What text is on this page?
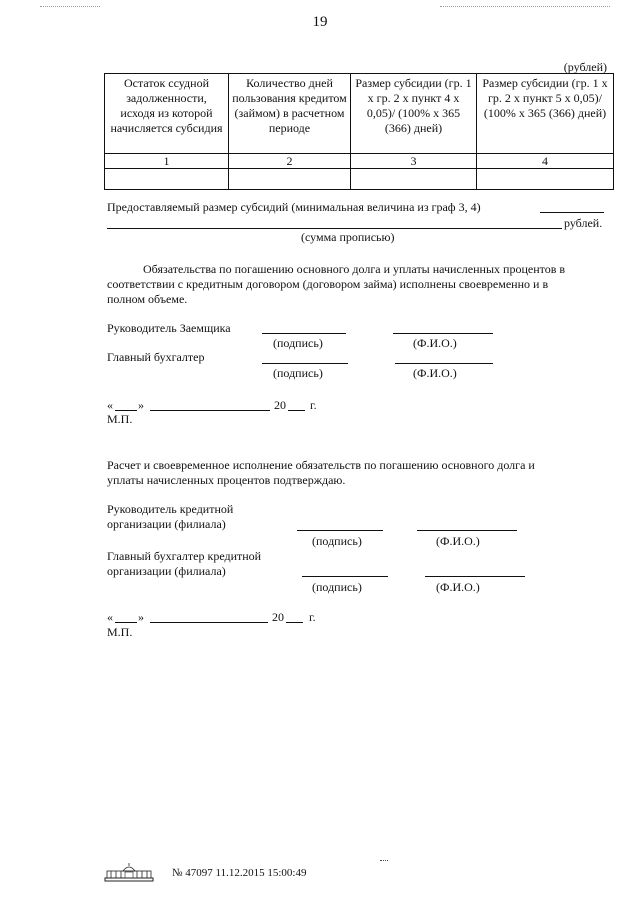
19
(рублей)
Остаток ссудной задолженности, исходя из которой начисляется субсидия	Количество дней пользования кредитом (займом) в расчетном периоде	Размер субсидии (гр. 1 х гр. 2 х пункт 4 х 0,05)/ (100% х 365 (366) дней)	Размер субсидии (гр. 1 х гр. 2 х пункт 5 х 0,05)/ (100% х 365 (366) дней)
1	2	3	4

Предоставляемый размер субсидий (минимальная величина из граф 3, 4)
рублей.
(сумма прописью)
Обязательства по погашению основного долга и уплаты начисленных процентов в
соответствии с кредитным договором (договором займа) исполнены своевременно и в
полном объеме.
Руководитель Заемщика
(подпись)	(Ф.И.О.)
Главный бухгалтер
(подпись)	(Ф.И.О.)
« »	20 г.
М.П.
Расчет и своевременное исполнение обязательств по погашению основного долга и
уплаты начисленных процентов подтверждаю.
Руководитель кредитной
организации (филиала)
(подпись)	(Ф.И.О.)
Главный бухгалтер кредитной
организации (филиала)
(подпись)	(Ф.И.О.)
« »	20 г.
М.П.
№ 47097 11.12.2015 15:00:49
